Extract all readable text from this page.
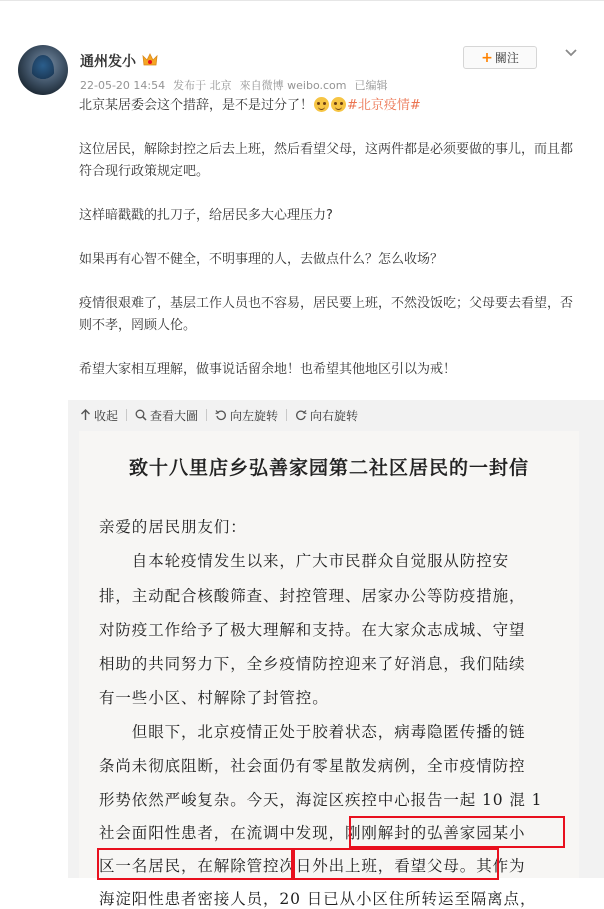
通州发小
22-05-20 14:54 发布于 北京 來自微博 weibo.com 已编辑
+ 關注

北京某居委会这个措辞，是不是过分了！	#北京疫情#

这位居民，解除封控之后去上班，然后看望父母，这两件都是必须要做的事儿，而且都符合现行政策规定吧。

这样暗戳戳的扎刀子，给居民多大心理压力?

如果再有心智不健全，不明事理的人，去做点什么？怎么收场？

疫情很艰难了，基层工作人员也不容易，居民要上班，不然没饭吃；父母要去看望，否则不孝，罔顾人伦。

希望大家相互理解，做事说话留余地！也希望其他地区引以为戒！

收起	查看大圖	向左旋转	向右旋转
致十八里店乡弘善家园第二社区居民的一封信
亲爱的居民朋友们：
　　自本轮疫情发生以来，广大市民群众自觉服从防控安
排，主动配合核酸筛查、封控管理、居家办公等防疫措施，
对防疫工作给予了极大理解和支持。在大家众志成城、守望
相助的共同努力下，全乡疫情防控迎来了好消息，我们陆续
有一些小区、村解除了封管控。
　　但眼下，北京疫情正处于胶着状态，病毒隐匿传播的链
条尚未彻底阻断，社会面仍有零星散发病例，全市疫情防控
形势依然严峻复杂。今天，海淀区疾控中心报告一起 10 混 1
社会面阳性患者，在流调中发现，刚刚解封的弘善家园某小
区一名居民，在解除管控次日外出上班，看望父母。其作为
海淀阳性患者密接人员，20 日已从小区住所转运至隔离点，
